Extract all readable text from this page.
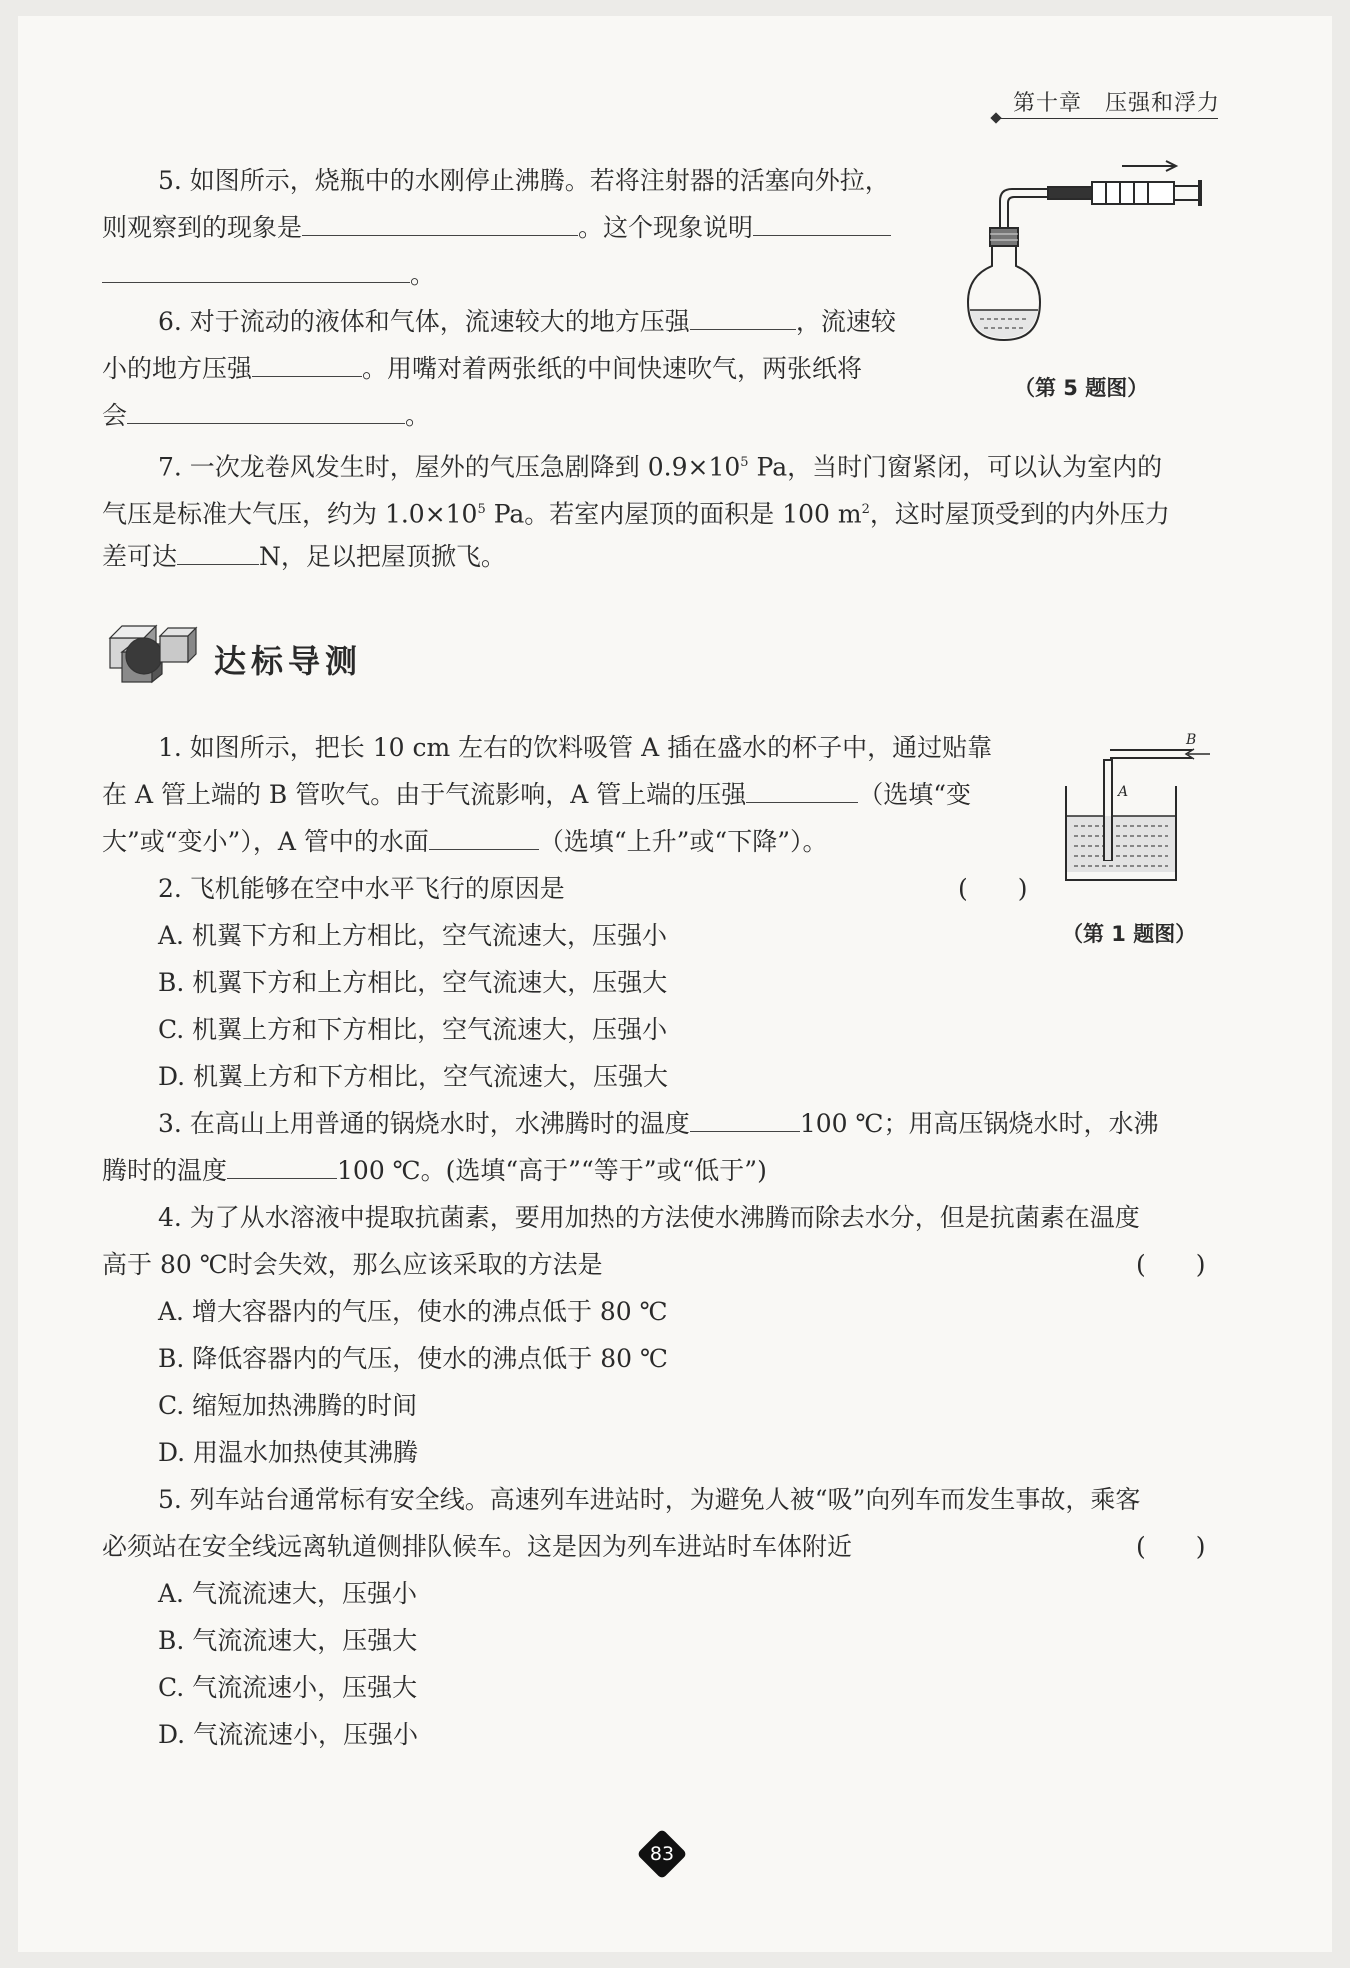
第十章　压强和浮力
5. 如图所示，烧瓶中的水刚停止沸腾。若将注射器的活塞向外拉，
则观察到的现象是	。这个现象说明
。
6. 对于流动的液体和气体，流速较大的地方压强	，流速较
小的地方压强	。用嘴对着两张纸的中间快速吹气，两张纸将
会	。
7. 一次龙卷风发生时，屋外的气压急剧降到 $0.9\times 10^5$ Pa，当时门窗紧闭，可以认为室内的
气压是标准大气压，约为 $1.0\times 10^5$ Pa。若室内屋顶的面积是 100 $m^2$，这时屋顶受到的内外压力
差可达	N，足以把屋顶掀飞。
（第 5 题图）
达标导测
1. 如图所示，把长 10 cm 左右的饮料吸管 A 插在盛水的杯子中，通过贴靠
在 A 管上端的 B 管吹气。由于气流影响，A 管上端的压强	（选填“变
大”或“变小”），A 管中的水面	（选填“上升”或“下降”）。
2. 飞机能够在空中水平飞行的原因是
A. 机翼下方和上方相比，空气流速大，压强小
B. 机翼下方和上方相比，空气流速大，压强大
C. 机翼上方和下方相比，空气流速大，压强小
D. 机翼上方和下方相比，空气流速大，压强大
3. 在高山上用普通的锅烧水时，水沸腾时的温度	100 ℃；用高压锅烧水时，水沸
腾时的温度	100 ℃。(选填“高于”“等于”或“低于”)
4. 为了从水溶液中提取抗菌素，要用加热的方法使水沸腾而除去水分，但是抗菌素在温度
高于 80 ℃时会失效，那么应该采取的方法是
A. 增大容器内的气压，使水的沸点低于 80 ℃
B. 降低容器内的气压，使水的沸点低于 80 ℃
C. 缩短加热沸腾的时间
D. 用温水加热使其沸腾
5. 列车站台通常标有安全线。高速列车进站时，为避免人被“吸”向列车而发生事故，乘客
必须站在安全线远离轨道侧排队候车。这是因为列车进站时车体附近
A. 气流流速大，压强小
B. 气流流速大，压强大
C. 气流流速小，压强大
D. 气流流速小，压强小
(　　)
(　　)
(　　)
A
B
（第 1 题图）
83
